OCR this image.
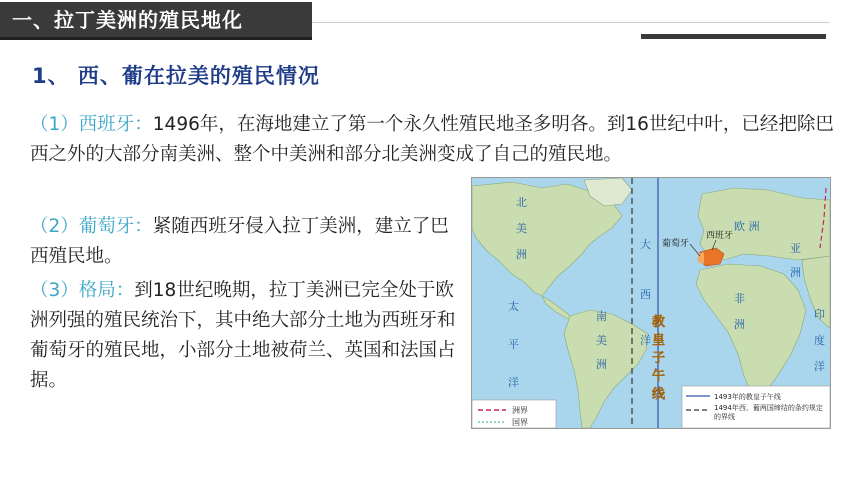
一、拉丁美洲的殖民地化
1、 西、葡在拉美的殖民情况
（1）西班牙：1496年，在海地建立了第一个永久性殖民地圣多明各。到16世纪中叶，已经把除巴西之外的大部分南美洲、整个中美洲和部分北美洲变成了自己的殖民地。
（2）葡萄牙：紧随西班牙侵入拉丁美洲，建立了巴西殖民地。
（3）格局：到18世纪晚期，拉丁美洲已完全处于欧洲列强的殖民统治下，其中绝大部分土地为西班牙和葡萄牙的殖民地，小部分土地被荷兰、英国和法国占据。
北
美
洲
南
美
洲
欧 洲
非
洲
亚
洲
大
西
洋
太
平
洋
印
度
洋
葡萄牙
西班牙
教
皇
子
午
线
洲界
国界
1493年的教皇子午线
1494年西、葡两国缔结的条约规定的界线
